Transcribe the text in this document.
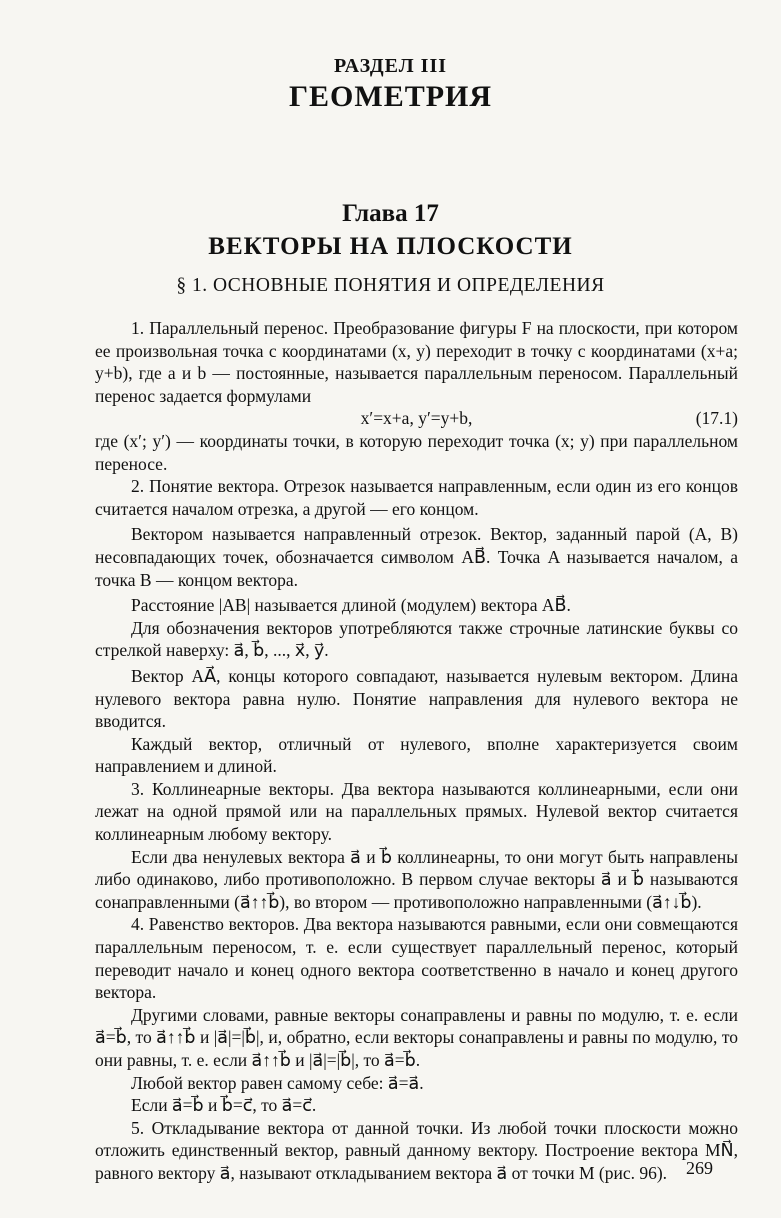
РАЗДЕЛ III
ГЕОМЕТРИЯ
Глава 17
ВЕКТОРЫ НА ПЛОСКОСТИ
§ 1. ОСНОВНЫЕ ПОНЯТИЯ И ОПРЕДЕЛЕНИЯ

1. Параллельный перенос. Преобразование фигуры F на плоскости, при котором ее произвольная точка с координатами (x, y) переходит в точку с координатами (x+a; y+b), где a и b — постоянные, называется параллельным переносом. Параллельный перенос задается формулами

x′=x+a, y′=y+b,	(17.1)

где (x′; y′) — координаты точки, в которую переходит точка (x; y) при параллельном переносе.

2. Понятие вектора. Отрезок называется направленным, если один из его концов считается началом отрезка, а другой — его концом.

Вектором называется направленный отрезок. Вектор, заданный парой (A, B) несовпадающих точек, обозначается символом AB⃗. Точка A называется началом, а точка B — концом вектора.

Расстояние |AB| называется длиной (модулем) вектора AB⃗.

Для обозначения векторов употребляются также строчные латинские буквы со стрелкой наверху: a⃗, b⃗, ..., x⃗, y⃗.

Вектор AA⃗, концы которого совпадают, называется нулевым вектором. Длина нулевого вектора равна нулю. Понятие направления для нулевого вектора не вводится.

Каждый вектор, отличный от нулевого, вполне характеризуется своим направлением и длиной.

3. Коллинеарные векторы. Два вектора называются коллинеарными, если они лежат на одной прямой или на параллельных прямых. Нулевой вектор считается коллинеарным любому вектору.

Если два ненулевых вектора a⃗ и b⃗ коллинеарны, то они могут быть направлены либо одинаково, либо противоположно. В первом случае векторы a⃗ и b⃗ называются сонаправленными (a⃗↑↑b⃗), во втором — противоположно направленными (a⃗↑↓b⃗).

4. Равенство векторов. Два вектора называются равными, если они совмещаются параллельным переносом, т. е. если существует параллельный перенос, который переводит начало и конец одного вектора соответственно в начало и конец другого вектора.

Другими словами, равные векторы сонаправлены и равны по модулю, т. е. если a⃗=b⃗, то a⃗↑↑b⃗ и |a⃗|=|b⃗|, и, обратно, если векторы сонаправлены и равны по модулю, то они равны, т. е. если a⃗↑↑b⃗ и |a⃗|=|b⃗|, то a⃗=b⃗.

Любой вектор равен самому себе: a⃗=a⃗.

Если a⃗=b⃗ и b⃗=c⃗, то a⃗=c⃗.

5. Откладывание вектора от данной точки. Из любой точки плоскости можно отложить единственный вектор, равный данному вектору. Построение вектора MN⃗, равного вектору a⃗, называют откладыванием вектора a⃗ от точки M (рис. 96).	269
